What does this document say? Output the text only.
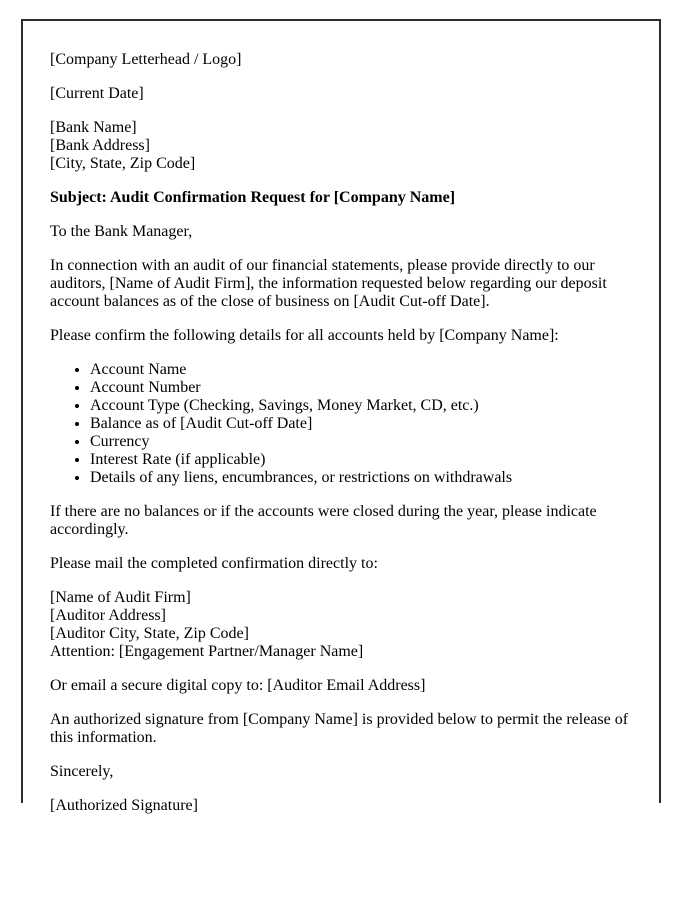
[Company Letterhead / Logo]

[Current Date]

[Bank Name]
[Bank Address]
[City, State, Zip Code]

Subject: Audit Confirmation Request for [Company Name]

To the Bank Manager,

In connection with an audit of our financial statements, please provide directly to our auditors, [Name of Audit Firm], the information requested below regarding our deposit account balances as of the close of business on [Audit Cut-off Date].

Please confirm the following details for all accounts held by [Company Name]:

• Account Name
• Account Number
• Account Type (Checking, Savings, Money Market, CD, etc.)
• Balance as of [Audit Cut-off Date]
• Currency
• Interest Rate (if applicable)
• Details of any liens, encumbrances, or restrictions on withdrawals

If there are no balances or if the accounts were closed during the year, please indicate accordingly.

Please mail the completed confirmation directly to:

[Name of Audit Firm]
[Auditor Address]
[Auditor City, State, Zip Code]
Attention: [Engagement Partner/Manager Name]

Or email a secure digital copy to: [Auditor Email Address]

An authorized signature from [Company Name] is provided below to permit the release of this information.

Sincerely,

[Authorized Signature]
